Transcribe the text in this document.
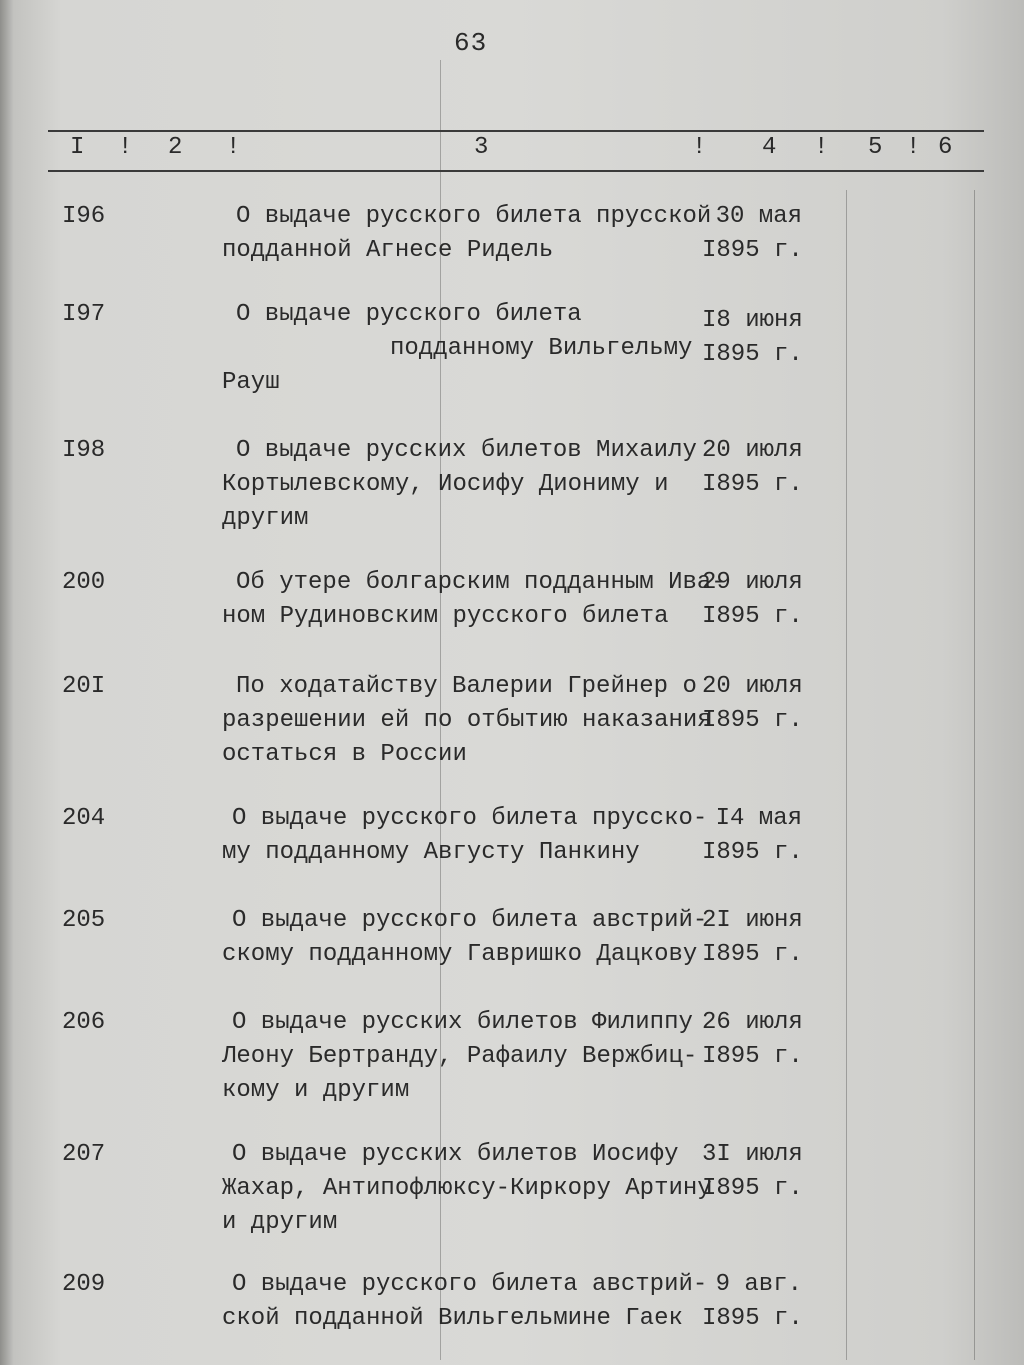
63
I ! 2 !	3	! 4 ! 5 ! 6
I96	О выдаче русского билета прусской
подданной Агнесе Ридель
30 мая
I895 г.
I97	О выдаче русского билета
подданному Вильгельму
Рауш
I8 июня
I895 г.
I98	О выдаче русских билетов Михаилу
Кортылевскому, Иосифу Диониму и
другим
20 июля
I895 г.
200	Об утере болгарским подданным Ива-
ном Рудиновским русского билета
29 июля
I895 г.
20I	По ходатайству Валерии Грейнер о
разрешении ей по отбытию наказания
остаться в России
20 июля
I895 г.
204	О выдаче русского билета прусско-
му подданному Августу Панкину
I4 мая
I895 г.
205	О выдаче русского билета австрий-
скому подданному Гавришко Дацкову
2I июня
I895 г.
206	О выдаче русских билетов Филиппу
Леону Бертранду, Рафаилу Вержбиц-
кому и другим
26 июля
I895 г.
207	О выдаче русских билетов Иосифу
Жахар, Антипофлюксу-Киркору Артину
и другим
3I июля
I895 г.
209	О выдаче русского билета австрий-
ской подданной Вильгельмине Гаек
9 авг.
I895 г.
